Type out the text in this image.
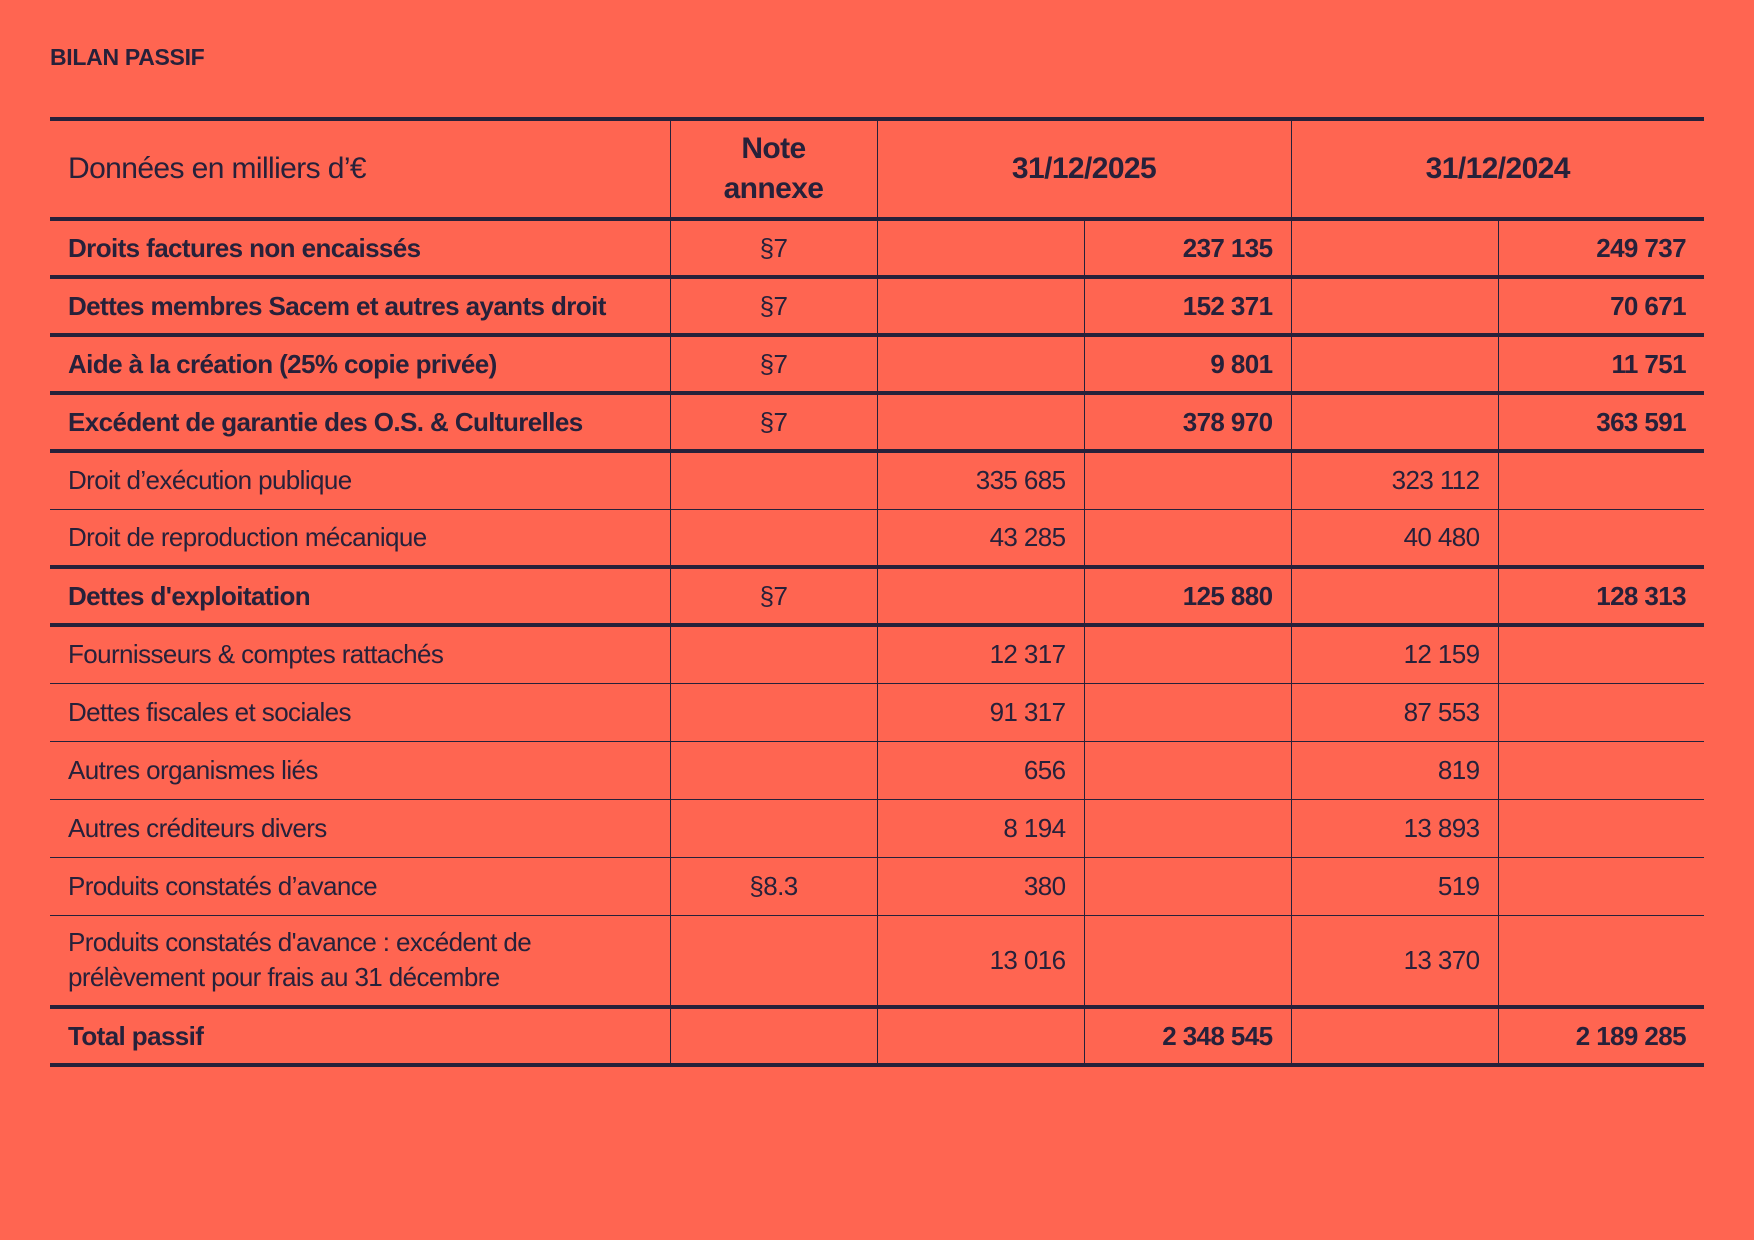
BILAN PASSIF
Données en milliers d’€	Note annexe	31/12/2025		31/12/2024	
Droits factures non encaissés	§7		237 135		249 737
Dettes membres Sacem et autres ayants droit	§7		152 371		70 671
Aide à la création (25% copie privée)	§7		9 801		11 751
Excédent de garantie des O.S. & Culturelles	§7		378 970		363 591
Droit d’exécution publique		335 685		323 112	
Droit de reproduction mécanique		43 285		40 480	
Dettes d'exploitation	§7		125 880		128 313
Fournisseurs & comptes rattachés		12 317		12 159	
Dettes fiscales et sociales		91 317		87 553	
Autres organismes liés		656		819	
Autres créditeurs divers		8 194		13 893	
Produits constatés d’avance	§8.3	380		519	
Produits constatés d'avance : excédent de prélèvement pour frais au 31 décembre		13 016		13 370	
Total passif			2 348 545		2 189 285
